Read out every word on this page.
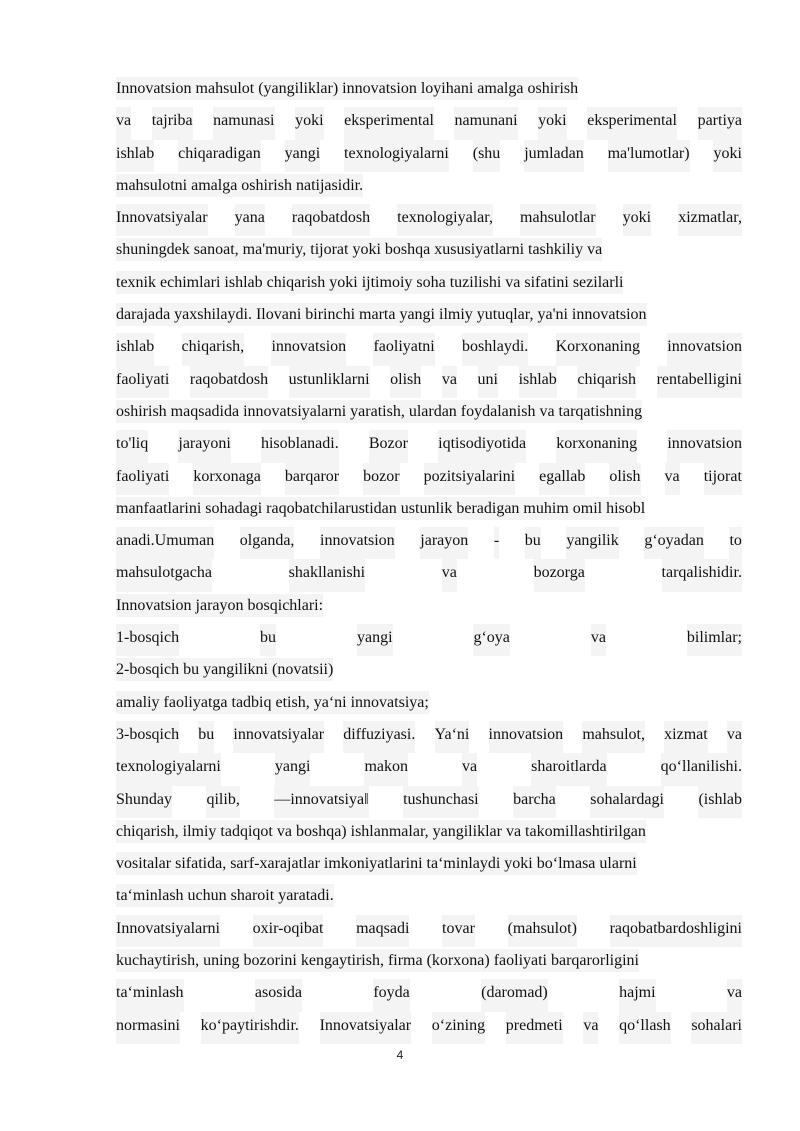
Innovatsion mahsulot (yangiliklar) innovatsion loyihani amalga oshirish
va tajriba namunasi yoki eksperimental namunani yoki eksperimental partiya
ishlab chiqaradigan yangi texnologiyalarni (shu jumladan ma'lumotlar) yoki
mahsulotni amalga oshirish natijasidir.
Innovatsiyalar yana raqobatdosh texnologiyalar, mahsulotlar yoki xizmatlar,
shuningdek sanoat, ma'muriy, tijorat yoki boshqa xususiyatlarni tashkiliy va
texnik echimlari ishlab chiqarish yoki ijtimoiy soha tuzilishi va sifatini sezilarli
darajada yaxshilaydi. Ilovani birinchi marta yangi ilmiy yutuqlar, ya'ni innovatsion
ishlab chiqarish, innovatsion faoliyatni boshlaydi. Korxonaning innovatsion
faoliyati raqobatdosh ustunliklarni olish va uni ishlab chiqarish rentabelligini
oshirish maqsadida innovatsiyalarni yaratish, ulardan foydalanish va tarqatishning
to'liq jarayoni hisoblanadi. Bozor iqtisodiyotida korxonaning innovatsion
faoliyati korxonaga barqaror bozor pozitsiyalarini egallab olish va tijorat
manfaatlarini sohadagi raqobatchilarustidan ustunlik beradigan muhim omil hisobl
anadi.Umuman olganda, innovatsion jarayon - bu yangilik g‘oyadan to
mahsulotgacha	shakllanishi	va	bozorga	tarqalishidir.
Innovatsion jarayon bosqichlari:
1-bosqich	bu	yangi	g‘oya	va	bilimlar;
2-bosqich bu yangilikni (novatsii)
amaliy faoliyatga tadbiq etish, ya‘ni innovatsiya;
3-bosqich bu innovatsiyalar diffuziyasi. Ya‘ni innovatsion mahsulot, xizmat va
texnologiyalarni	yangi	makon	va	sharoitlarda	qo‘llanilishi.
Shunday qilib, ―innovatsiya‖ tushunchasi barcha sohalardagi (ishlab
chiqarish, ilmiy tadqiqot va boshqa) ishlanmalar, yangiliklar va takomillashtirilgan
vositalar sifatida, sarf-xarajatlar imkoniyatlarini ta‘minlaydi yoki bo‘lmasa ularni
ta‘minlash uchun sharoit yaratadi.
Innovatsiyalarni oxir-oqibat maqsadi tovar (mahsulot) raqobatbardoshligini
kuchaytirish, uning bozorini kengaytirish, firma (korxona) faoliyati barqarorligini
ta‘minlash	asosida	foyda	(daromad)	hajmi	va
normasini ko‘paytirishdir. Innovatsiyalar o‘zining predmeti va qo‘llash sohalari
4
